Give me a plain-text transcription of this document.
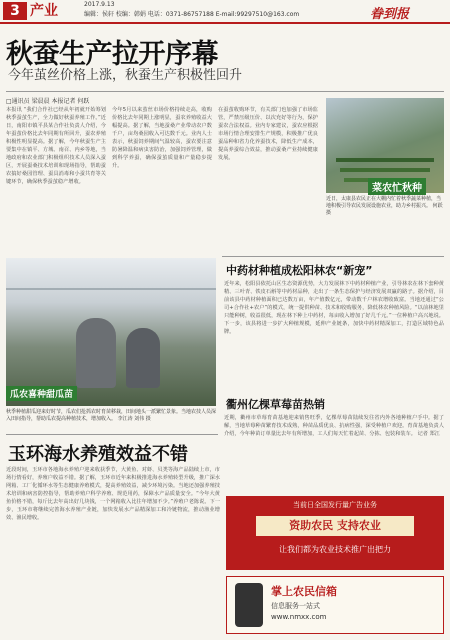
3 产业	2017.9.13
编辑：侯轩 校编：韩娟 电话：0371-86757188 E-mail:99297510@163.com	眷到报
秋蚕生产拉开序幕
今年茧丝价格上涨，秋蚕生产积极性回升
□通讯员 梁晨晨 本报记者 何跃
本报讯 “我们合作社已经从年初就开始筹划秋季蚕茧生产，全力做好秋蚕养殖工作。”近日，南阳市镇平县某合作社负责人介绍，今年蚕茧价格比去年同期有所回升，蚕农养殖积极性明显提高。据了解，今年秋蚕生产主要集中在镇平、方城、南召、内乡等地，当地政府和农业部门积极组织技术人员深入蚕区，开展蚕桑技术培训和现场指导，帮助蚕农搞好桑园管理、蚕具消毒和小蚕共育等关键环节，确保秋季蚕茧稳产增收。
今年5月以来茧丝市场价格持续走高，收购价格比去年同期上涨明显，蚕农养殖收益大幅提高。据了解，当地蚕桑产业带动农户数千户，亩均桑园收入可达数千元。业内人士表示，秋蚕饲养期间气温较高，蚕农要注意防暑降温和病虫害防治，加强饲养管理，做到科学养蚕，确保蚕茧质量和产量稳步提升。
在蚕茧收购环节，有关部门也加强了市场监管，严禁压级压价、以次充好等行为，保护蚕农合法权益。业内专家建议，蚕农应根据市场行情合理安排生产规模，积极推广优良蚕品种和省力化养蚕技术，降低生产成本，提高养蚕综合效益，推动蚕桑产业持续健康发展。
菜农忙秋种
近日，太康县农民正在大棚内忙着秋季蔬菜种植，当地积极引导农民发展设施农业，助力乡村振兴。 何跃 摄
瓜农喜种甜瓜苗
秋季种植甜瓜迎来好时节，瓜农们抢抓农时育苗移栽，田间地头一派繁忙景象。当地农技人员深入田间指导，帮助瓜农提高种植技术，增加收入。 李江涛 刘伟 摄
中药材种植成松阳林农“新宠”
近年来，松阳县依托山区生态资源优势，大力发展林下中药材种植产业，引导林农在林下套种黄精、三叶青、铁皮石斛等中药材品种，走出了一条生态保护与经济发展双赢的路子。据介绍，目前该县中药材种植面积已达数万亩，年产值数亿元，带动数千户林农增收致富。当地还通过“公司+合作社+农户”的模式，统一提供种苗、技术和收购服务，降低林农种植风险。“以前林地里只能种树，收益很低，现在林下种上中药材，每亩收入增加了好几千元。”一位种植户高兴地说。下一步，该县将进一步扩大种植规模，延伸产业链条，加快中药材精深加工，打造区域特色品牌。
衢州亿棵草莓苗热销
近期，衢州市草莓育苗基地迎来销售旺季，亿棵草莓苗陆续发往省内外各地种植户手中。据了解，当地草莓种苗繁育技术成熟，种苗品质优良、抗病性强，深受种植户欢迎。育苗基地负责人介绍，今年种苗订单量比去年有所增加，工人们每天忙着起苗、分拣、包装和装车。 记者 郑江
玉环海水养殖效益不错
近段时间，玉环市各地海水养殖户迎来收获季节，大黄鱼、对虾、贝类等海产品陆续上市，市场行情看好，养殖户收益不错。据了解，玉环市近年来积极推进海水养殖转型升级，推广深水网箱、工厂化循环水等生态健康养殖模式，提高养殖效益，减少环境污染。当地还加强养殖技术培训和病害防控指导，帮助养殖户科学养殖、规范用药，保障水产品质量安全。“今年大黄鱼价格不错，每斤比去年高出好几块钱，一个网箱收入比往年增加不少。”养殖户老陈说。下一步，玉环市将继续完善海水养殖产业链，加快发展水产品精深加工和冷链物流，推动渔业增效、渔民增收。
当前日全国发行量广告业务
资助农民 支持农业
让我们都为农业技术推广出把力
掌上农民信箱
信息服务一站式
www.nmxx.com
